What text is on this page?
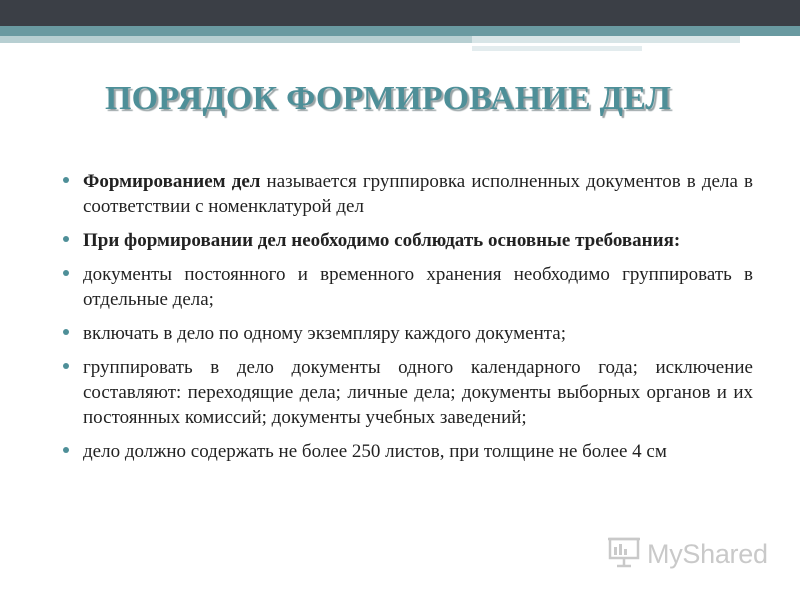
ПОРЯДОК ФОРМИРОВАНИЕ ДЕЛ
Формированием дел называется группировка исполненных документов в дела в соответствии с номенклатурой дел
При формировании дел необходимо соблюдать основные требования:
документы постоянного и временного хранения необходимо группировать в отдельные дела;
включать в дело по одному экземпляру каждого документа;
группировать в дело документы одного календарного года; исключение составляют: переходящие дела; личные дела; документы выборных органов и их постоянных комиссий; документы учебных заведений;
дело должно содержать не более 250 листов, при толщине не более 4 см
MyShared
